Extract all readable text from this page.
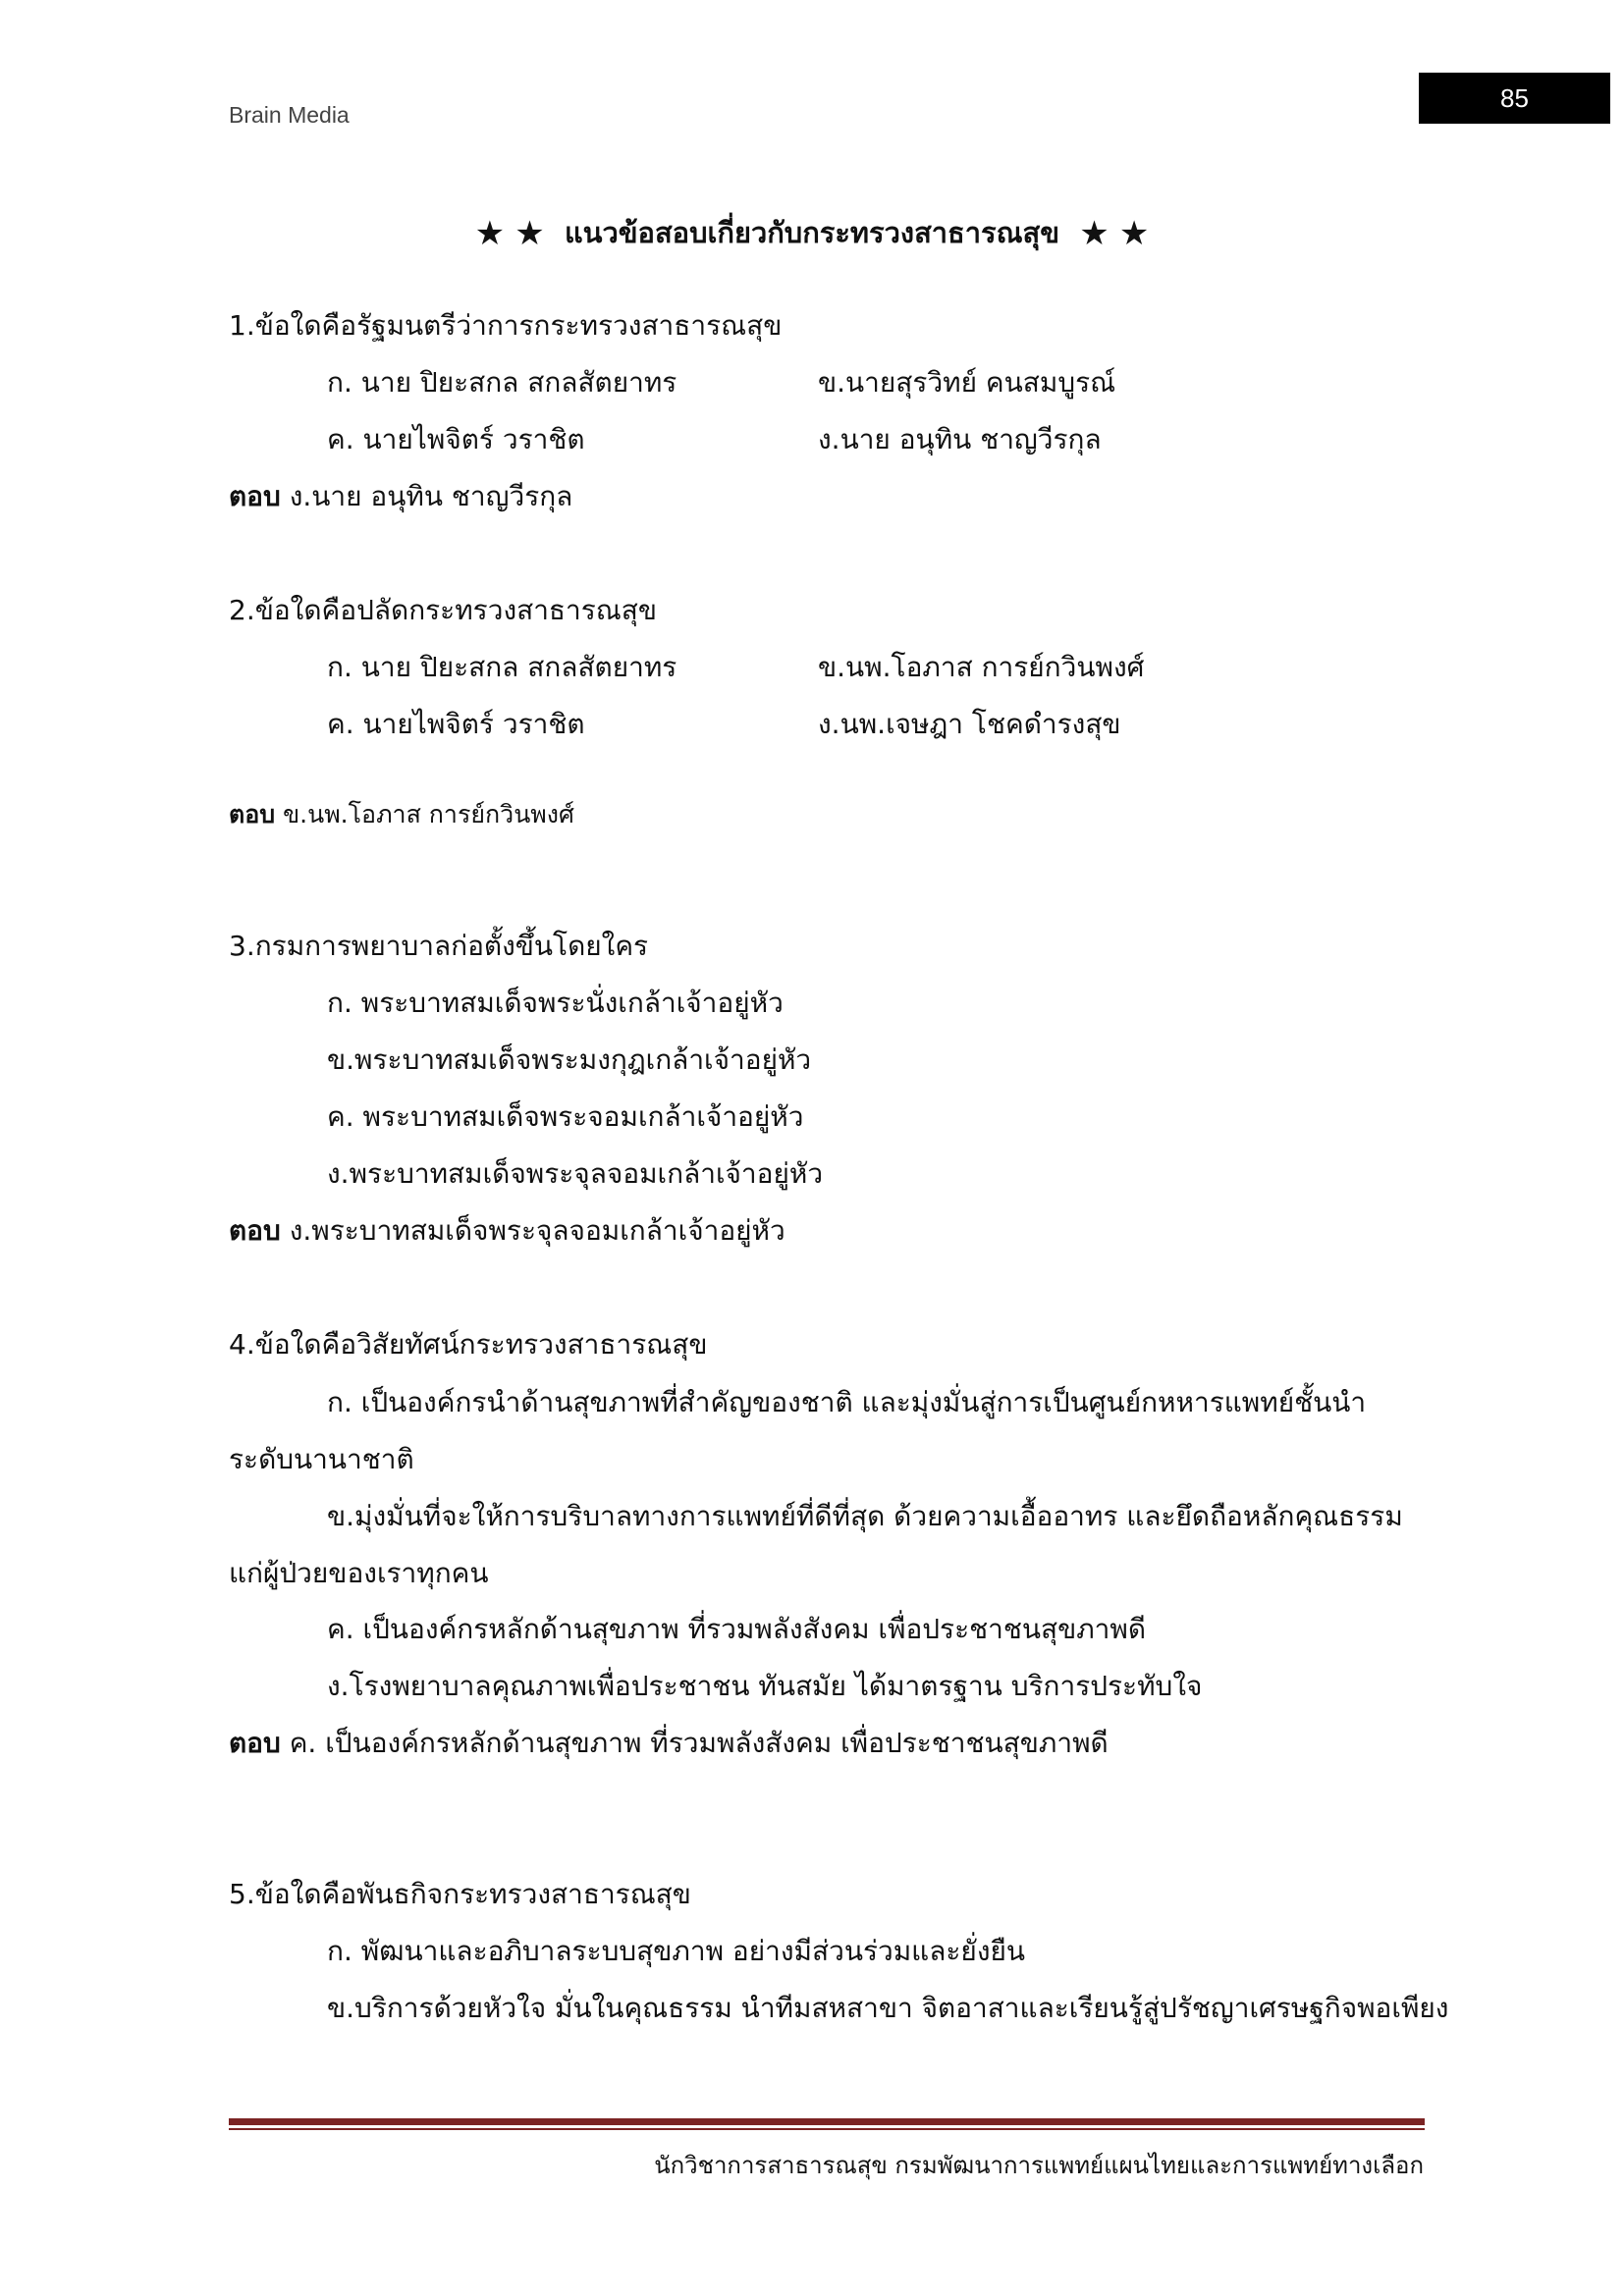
Brain Media
85
★ ★ แนวข้อสอบเกี่ยวกับกระทรวงสาธารณสุข ★ ★
1.ข้อใดคือรัฐมนตรีว่าการกระทรวงสาธารณสุข
ก. นาย ปิยะสกล สกลสัตยาทร	ข.นายสุรวิทย์ คนสมบูรณ์
ค. นายไพจิตร์ วราชิต	ง.นาย อนุทิน ชาญวีรกุล
ตอบ ง.นาย อนุทิน ชาญวีรกุล
2.ข้อใดคือปลัดกระทรวงสาธารณสุข
ก. นาย ปิยะสกล สกลสัตยาทร	ข.นพ.โอภาส การย์กวินพงศ์
ค. นายไพจิตร์ วราชิต	ง.นพ.เจษฎา โชคดำรงสุข
ตอบ ข.นพ.โอภาส การย์กวินพงศ์
3.กรมการพยาบาลก่อตั้งขึ้นโดยใคร
ก. พระบาทสมเด็จพระนั่งเกล้าเจ้าอยู่หัว
ข.พระบาทสมเด็จพระมงกุฎเกล้าเจ้าอยู่หัว
ค. พระบาทสมเด็จพระจอมเกล้าเจ้าอยู่หัว
ง.พระบาทสมเด็จพระจุลจอมเกล้าเจ้าอยู่หัว
ตอบ ง.พระบาทสมเด็จพระจุลจอมเกล้าเจ้าอยู่หัว
4.ข้อใดคือวิสัยทัศน์กระทรวงสาธารณสุข
ก. เป็นองค์กรนำด้านสุขภาพที่สำคัญของชาติ และมุ่งมั่นสู่การเป็นศูนย์กหหารแพทย์ชั้นนำระดับนานาชาติ
ข.มุ่งมั่นที่จะให้การบริบาลทางการแพทย์ที่ดีที่สุด ด้วยความเอื้ออาทร และยึดถือหลักคุณธรรม แก่ผู้ป่วยของเราทุกคน
ค. เป็นองค์กรหลักด้านสุขภาพ ที่รวมพลังสังคม เพื่อประชาชนสุขภาพดี
ง.โรงพยาบาลคุณภาพเพื่อประชาชน ทันสมัย ได้มาตรฐาน บริการประทับใจ
ตอบ ค. เป็นองค์กรหลักด้านสุขภาพ ที่รวมพลังสังคม เพื่อประชาชนสุขภาพดี
5.ข้อใดคือพันธกิจกระทรวงสาธารณสุข
ก. พัฒนาและอภิบาลระบบสุขภาพ อย่างมีส่วนร่วมและยั่งยืน
ข.บริการด้วยหัวใจ มั่นในคุณธรรม นำทีมสหสาขา จิตอาสาและเรียนรู้สู่ปรัชญาเศรษฐกิจพอเพียง
นักวิชาการสาธารณสุข กรมพัฒนาการแพทย์แผนไทยและการแพทย์ทางเลือก
